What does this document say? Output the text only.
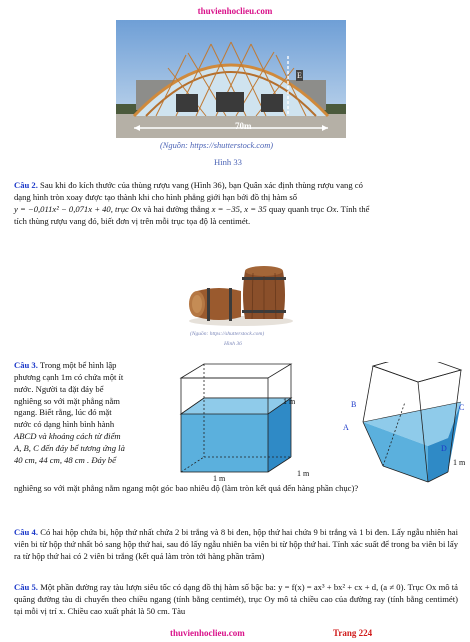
thuvienhoclieu.com
70m
E
(Nguồn: https://shutterstock.com)
Hình 33
Câu 2. Sau khi đo kích thước của thùng rượu vang (Hình 36), bạn Quân xác định thùng rượu vang có
dạng hình tròn xoay được tạo thành khi cho hình phẳng giới hạn bởi đồ thị hàm số
y = −0,011x² − 0,071x + 40, trục Ox và hai đường thẳng x = −35, x = 35 quay quanh trục Ox. Tính thể
tích thùng rượu vang đó, biết đơn vị trên mỗi trục tọa độ là centimét.
(Nguồn: https://shutterstock.com)
Hình 36
Câu 3. Trong một bể hình lập
phương cạnh 1m có chứa một ít
nước. Người ta đặt đáy bể
nghiêng so với mặt phẳng nằm
ngang. Biết rằng, lúc đó mặt
nước có dạng hình bình hành
ABCD và khoảng cách từ điểm
A, B, C đến đáy bể tương ứng là
40 cm, 44 cm, 48 cm . Đáy bể
nghiêng so với mặt phẳng nằm ngang một góc bao nhiêu độ (làm tròn kết quả đến hàng phần chục)?
1 m
1 m
1 m
B	C
A
D
1 m
Câu 4. Có hai hộp chứa bi, hộp thứ nhất chứa 2 bi trắng và 8 bi đen, hộp thứ hai chứa 9 bi trắng và 1 bi đen. Lấy ngẫu nhiên hai viên bi từ hộp thứ nhất bỏ sang hộp thứ hai, sau đó lấy ngẫu nhiên ba viên bi từ hộp thứ hai. Tính xác suất để trong ba viên bi lấy ra từ hộp thứ hai có 2 viên bi trắng (kết quả làm tròn tới hàng phần trăm)
Câu 5. Một phần đường ray tàu lượn siêu tốc có dạng đồ thị hàm số bậc ba: y = f(x) = ax³ + bx² + cx + d, (a ≠ 0). Trục Ox mô tả quãng đường tàu di chuyển theo chiều ngang (tính bằng centimét), trục Oy mô tả chiều cao của đường ray (tính bằng centimét) tại mỗi vị trí x. Chiều cao xuất phát là 50 cm. Tàu
thuvienhoclieu.com	Trang 224
